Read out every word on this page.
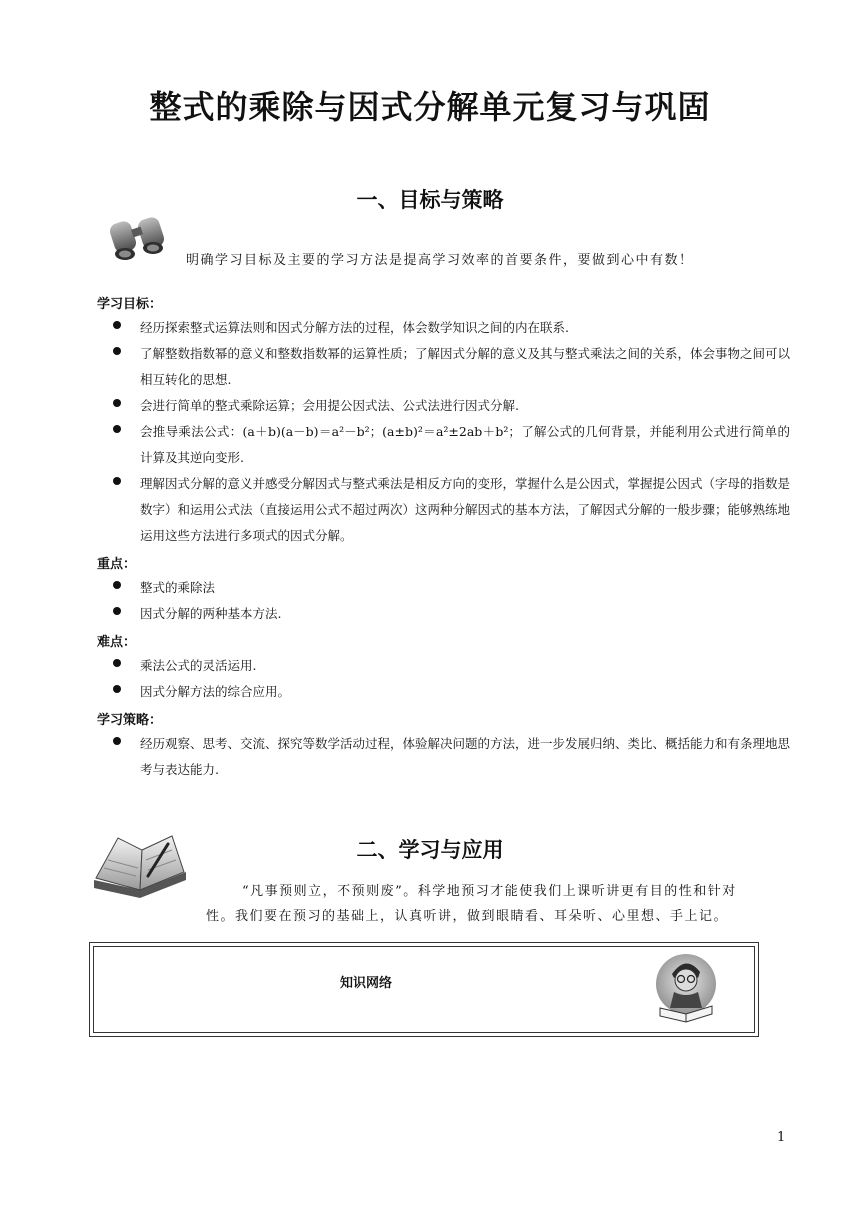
整式的乘除与因式分解单元复习与巩固
一、目标与策略
明确学习目标及主要的学习方法是提高学习效率的首要条件，要做到心中有数！
学习目标：
经历探索整式运算法则和因式分解方法的过程，体会数学知识之间的内在联系.
了解整数指数幂的意义和整数指数幂的运算性质；了解因式分解的意义及其与整式乘法之间的关系，体会事物之间可以相互转化的思想.
会进行简单的整式乘除运算；会用提公因式法、公式法进行因式分解.
会推导乘法公式：(a＋b)(a－b)＝a²－b²；(a±b)²＝a²±2ab＋b²；了解公式的几何背景，并能利用公式进行简单的计算及其逆向变形.
理解因式分解的意义并感受分解因式与整式乘法是相反方向的变形，掌握什么是公因式，掌握提公因式（字母的指数是数字）和运用公式法（直接运用公式不超过两次）这两种分解因式的基本方法，了解因式分解的一般步骤；能够熟练地运用这些方法进行多项式的因式分解。
重点：
整式的乘除法
因式分解的两种基本方法.
难点：
乘法公式的灵活运用.
因式分解方法的综合应用。
学习策略：
经历观察、思考、交流、探究等数学活动过程，体验解决问题的方法，进一步发展归纳、类比、概括能力和有条理地思考与表达能力.
二、学习与应用
“凡事预则立，不预则废”。科学地预习才能使我们上课听讲更有目的性和针对
性。我们要在预习的基础上，认真听讲，做到眼睛看、耳朵听、心里想、手上记。
知识网络
1
